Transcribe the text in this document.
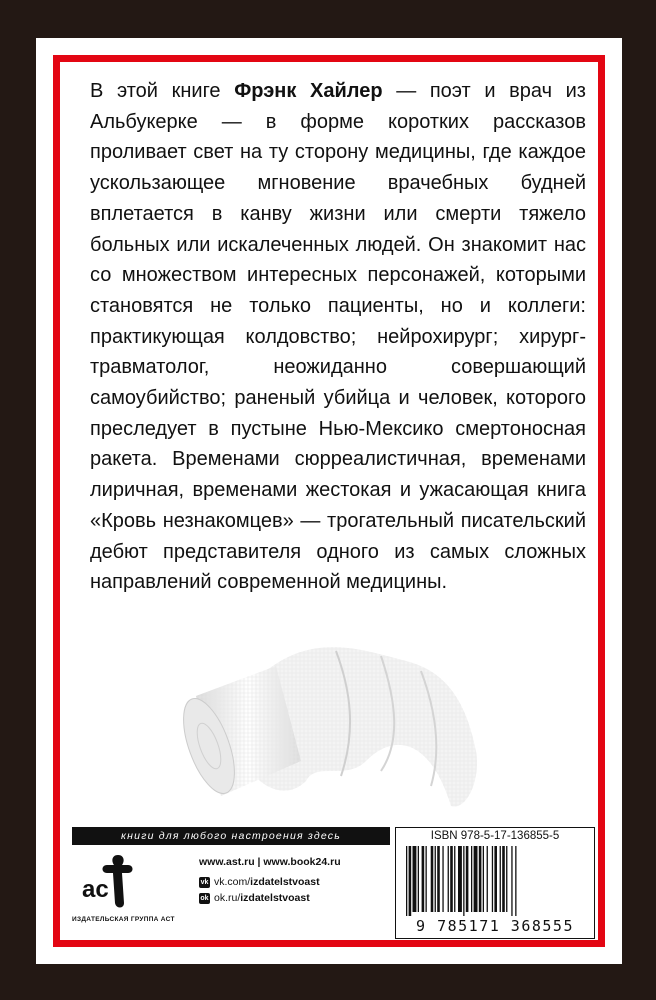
В этой книге Фрэнк Хайлер — поэт и врач из Альбукерке — в форме коротких рассказов проливает свет на ту сторону медицины, где каждое ускользающее мгновение врачебных будней вплетается в канву жизни или смерти тяжело больных или искалеченных людей. Он знакомит нас со множеством интересных персонажей, которыми становятся не только пациенты, но и коллеги: практикующая колдовство; нейрохирург; хирург-травматолог, неожиданно совершающий самоубийство; раненый убийца и человек, которого преследует в пустыне Нью-Мексико смертоносная ракета. Временами сюрреалистичная, временами лиричная, временами жестокая и ужасающая книга «Кровь незнакомцев» — трогательный писательский дебют представителя одного из самых сложных направлений современной медицины.
книги для любого настроения здесь
ac
ИЗДАТЕЛЬСКАЯ ГРУППА АСТ
www.ast.ru | www.book24.ru
vk vk.com/ izdatelstvoast
ok ok.ru/ izdatelstvoast
ISBN 978-5-17-136855-5
9 785171 368555
